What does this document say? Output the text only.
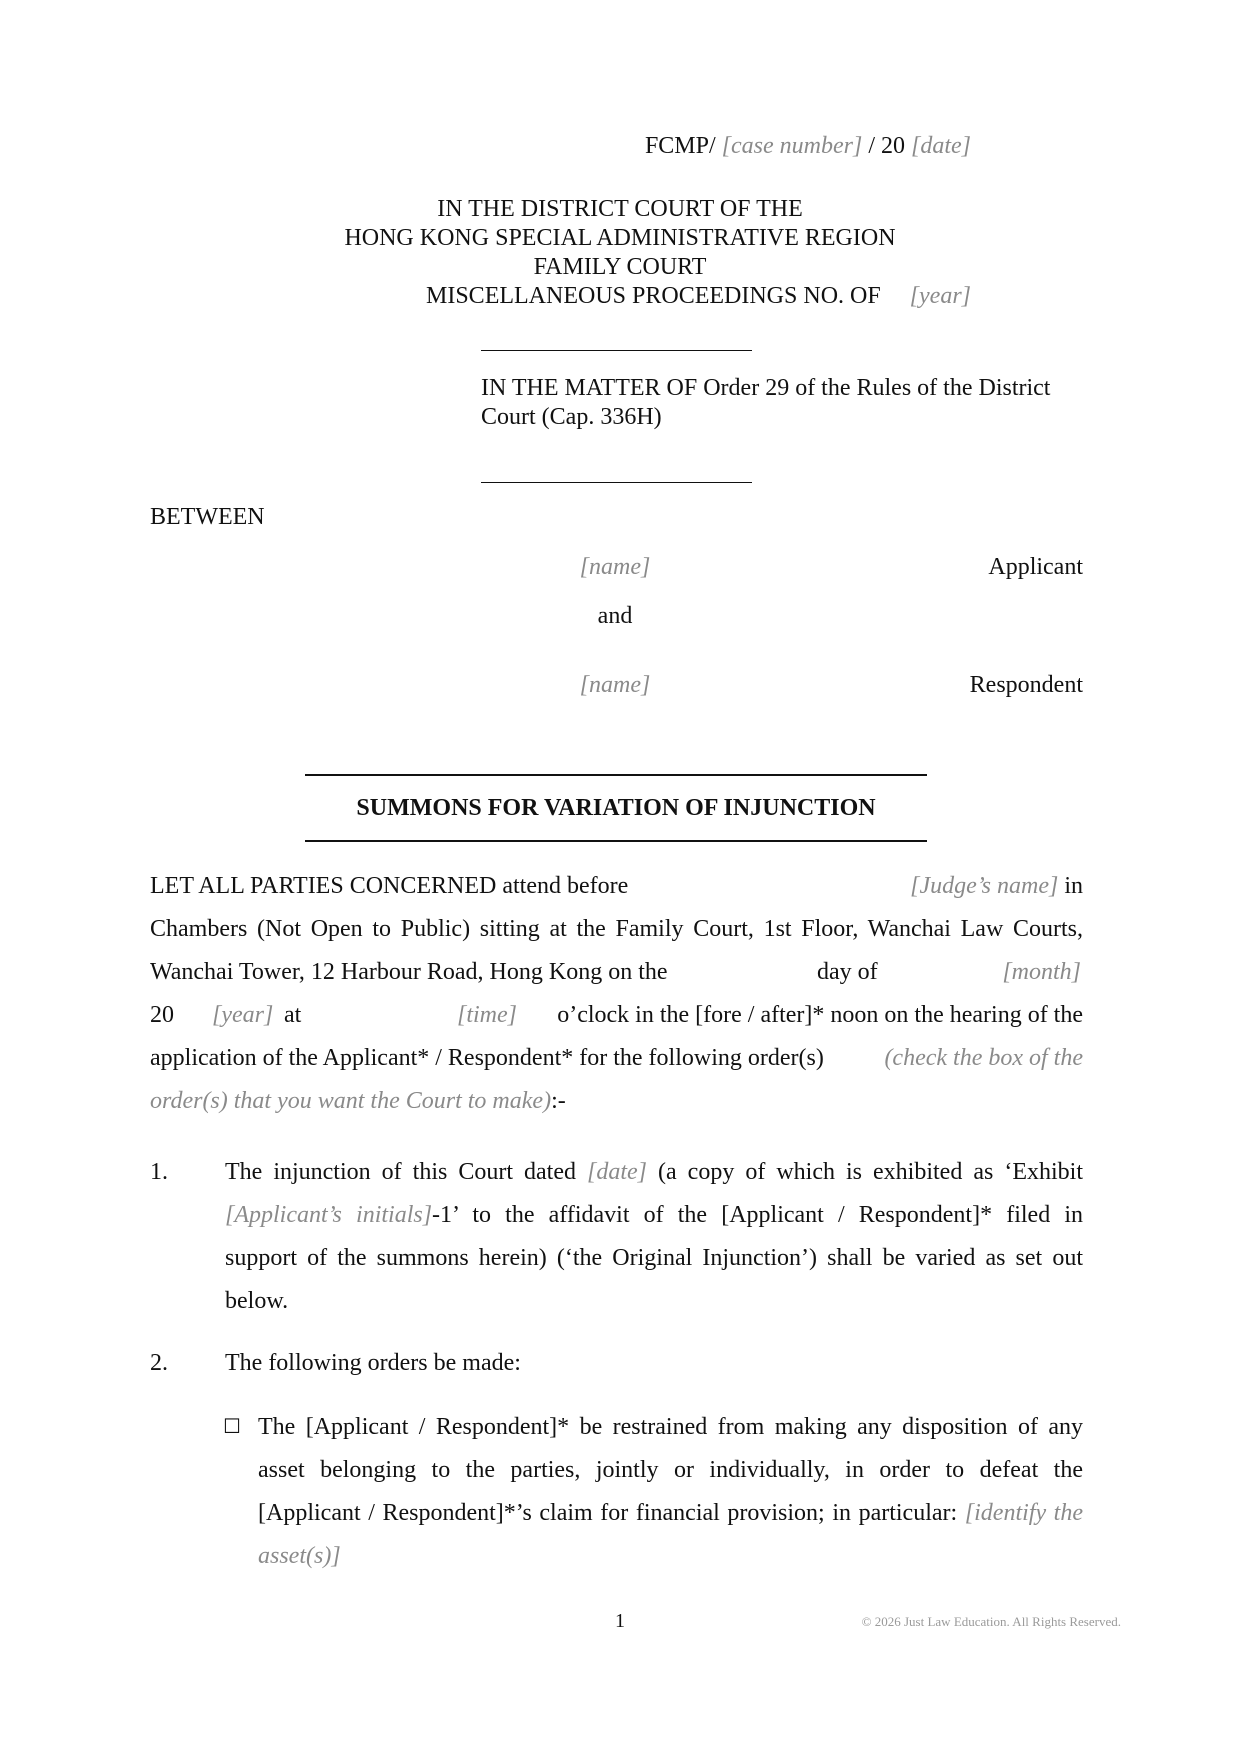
FCMP/ [case number] / 20 [date]
IN THE DISTRICT COURT OF THE
HONG KONG SPECIAL ADMINISTRATIVE REGION
FAMILY COURT
MISCELLANEOUS PROCEEDINGS NO. OF [year]
IN THE MATTER OF Order 29 of the Rules of the District
Court (Cap. 336H)
BETWEEN
[name]	Applicant
and
[name]	Respondent
SUMMONS FOR VARIATION OF INJUNCTION
LET ALL PARTIES CONCERNED attend before	[Judge’s name] in
Chambers (Not Open to Public) sitting at the Family Court, 1st Floor, Wanchai Law Courts,
Wanchai Tower, 12 Harbour Road, Hong Kong on the	day of	[month]
20 [year] at	[time] o’clock in the [fore / after]* noon on the hearing of the
application of the Applicant* / Respondent* for the following order(s)	(check the box of the
order(s) that you want the Court to make):-
1. The injunction of this Court dated [date] (a copy of which is exhibited as ‘Exhibit
[Applicant’s initials]-1’ to the affidavit of the [Applicant / Respondent]* filed in
support of the summons herein) (‘the Original Injunction’) shall be varied as set out
below.
2. The following orders be made:
☐ The [Applicant / Respondent]* be restrained from making any disposition of any
asset belonging to the parties, jointly or individually, in order to defeat the
[Applicant / Respondent]*’s claim for financial provision; in particular: [identify the
asset(s)]
1	© 2026 Just Law Education. All Rights Reserved.
